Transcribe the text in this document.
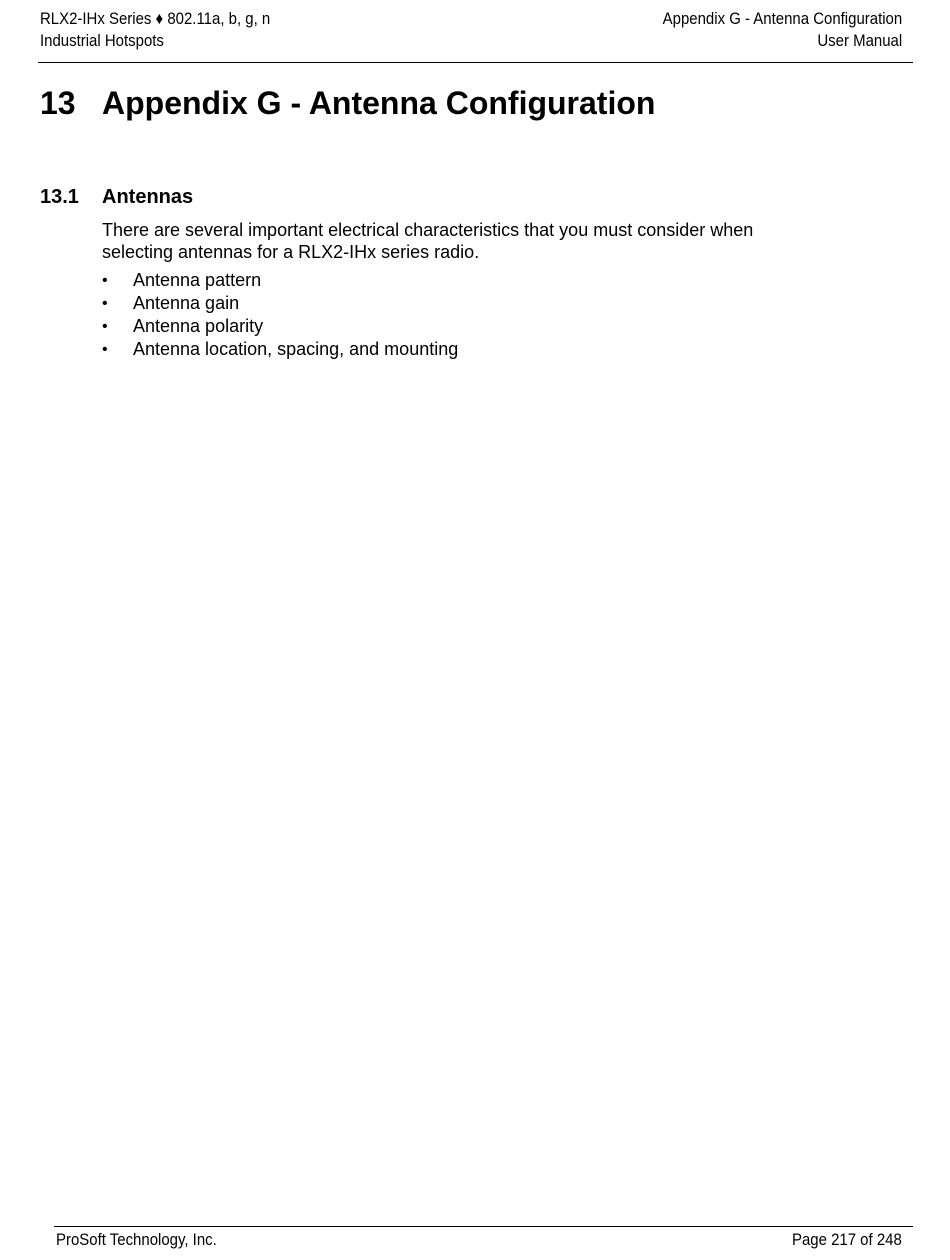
RLX2-IHx Series ♦ 802.11a, b, g, n
Industrial Hotspots
Appendix G - Antenna Configuration
User Manual
13 Appendix G - Antenna Configuration
13.1 Antennas
There are several important electrical characteristics that you must consider when selecting antennas for a RLX2-IHx series radio.
• Antenna pattern
• Antenna gain
• Antenna polarity
• Antenna location, spacing, and mounting
ProSoft Technology, Inc.	Page 217 of 248
